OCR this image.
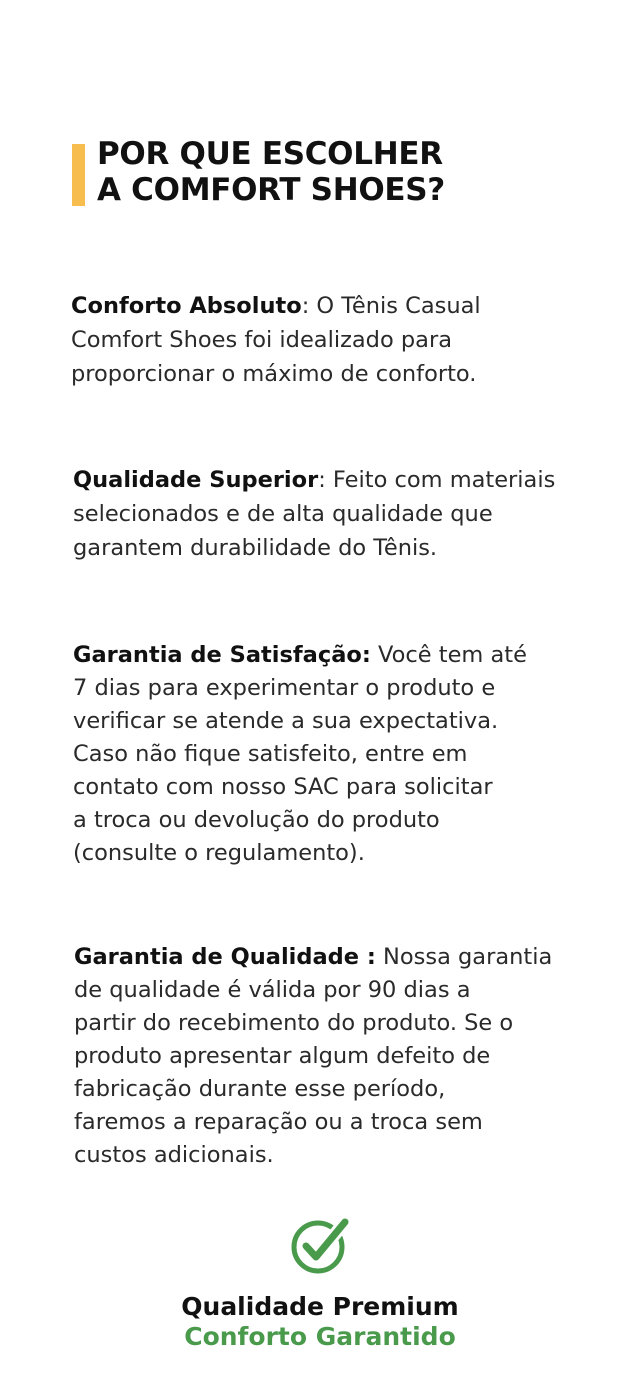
POR QUE ESCOLHER
A COMFORT SHOES?
Conforto Absoluto: O Tênis Casual
Comfort Shoes foi idealizado para
proporcionar o máximo de conforto.
Qualidade Superior: Feito com materiais
selecionados e de alta qualidade que
garantem durabilidade do Tênis.
Garantia de Satisfação: Você tem até
7 dias para experimentar o produto e
verificar se atende a sua expectativa.
Caso não fique satisfeito, entre em
contato com nosso SAC para solicitar
a troca ou devolução do produto
(consulte o regulamento).
Garantia de Qualidade : Nossa garantia
de qualidade é válida por 90 dias a
partir do recebimento do produto. Se o
produto apresentar algum defeito de
fabricação durante esse período,
faremos a reparação ou a troca sem
custos adicionais.
Qualidade Premium
Conforto Garantido
